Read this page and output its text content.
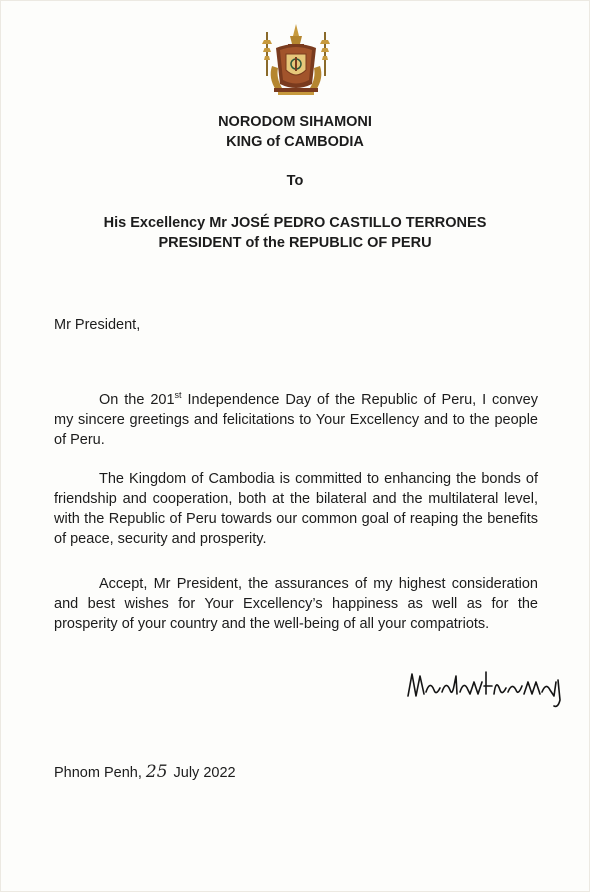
NORODOM SIHAMONI
KING of CAMBODIA
To
His Excellency Mr JOSÉ PEDRO CASTILLO TERRONES
PRESIDENT of the REPUBLIC OF PERU
Mr President,
On the 201st Independence Day of the Republic of Peru, I convey my sincere greetings and felicitations to Your Excellency and to the people of Peru.
The Kingdom of Cambodia is committed to enhancing the bonds of friendship and cooperation, both at the bilateral and the multilateral level, with the Republic of Peru towards our common goal of reaping the benefits of peace, security and prosperity.
Accept, Mr President, the assurances of my highest consideration and best wishes for Your Excellency’s happiness as well as for the prosperity of your country and the well-being of all your compatriots.
Phnom Penh, 25 July 2022
